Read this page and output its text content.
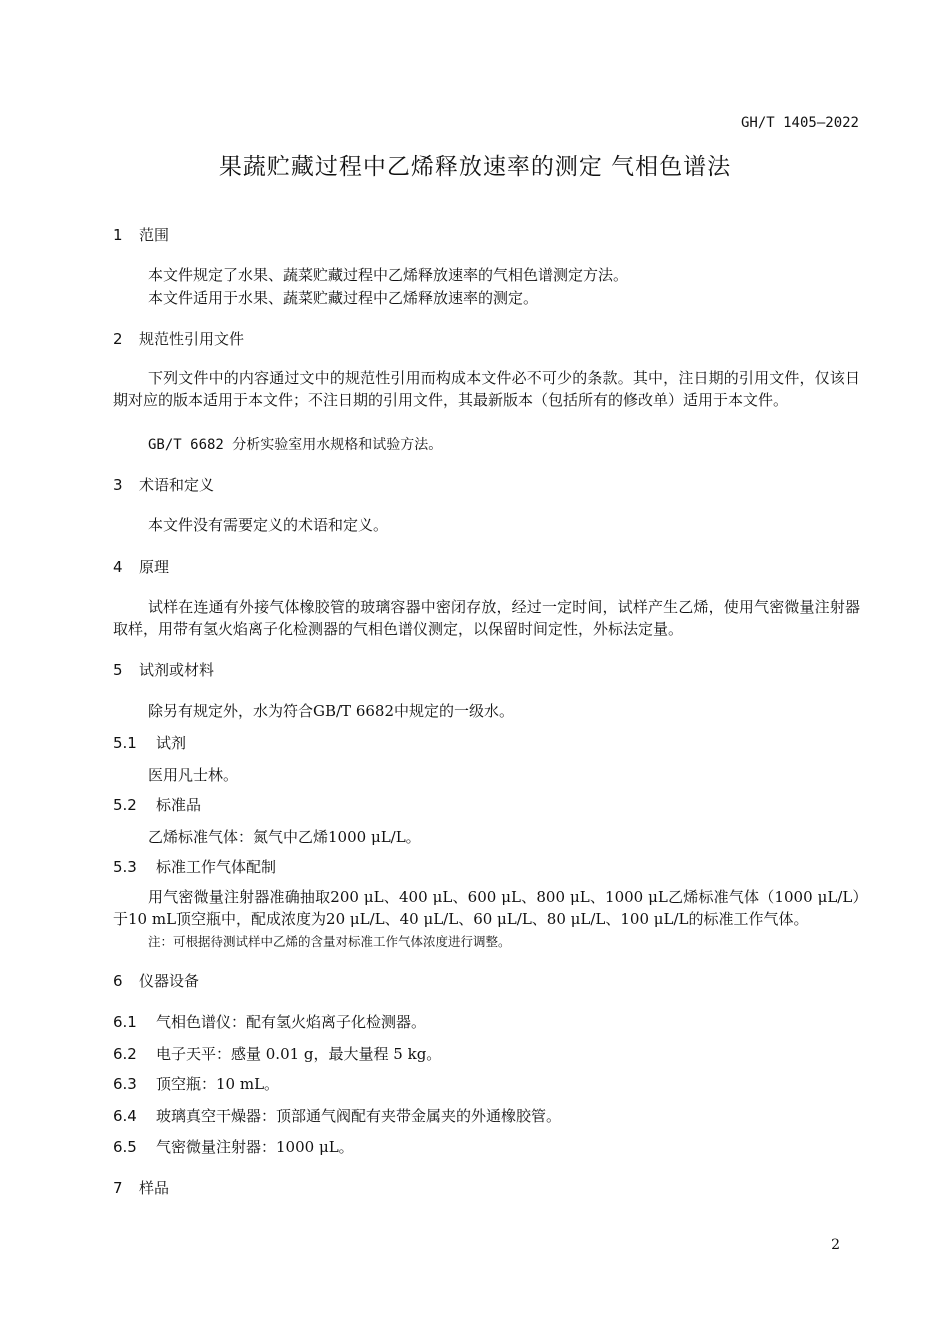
GH/T 1405—2022
果蔬贮藏过程中乙烯释放速率的测定 气相色谱法
1 范围
本文件规定了水果、蔬菜贮藏过程中乙烯释放速率的气相色谱测定方法。
本文件适用于水果、蔬菜贮藏过程中乙烯释放速率的测定。
2 规范性引用文件
下列文件中的内容通过文中的规范性引用而构成本文件必不可少的条款。其中，注日期的引用文件，仅该日期对应的版本适用于本文件；不注日期的引用文件，其最新版本（包括所有的修改单）适用于本文件。
GB/T 6682 分析实验室用水规格和试验方法。
3 术语和定义
本文件没有需要定义的术语和定义。
4 原理
试样在连通有外接气体橡胶管的玻璃容器中密闭存放，经过一定时间，试样产生乙烯，使用气密微量注射器取样，用带有氢火焰离子化检测器的气相色谱仪测定，以保留时间定性，外标法定量。
5 试剂或材料
除另有规定外，水为符合GB/T 6682中规定的一级水。
5.1 试剂
医用凡士林。
5.2 标准品
乙烯标准气体：氮气中乙烯1000 μL/L。
5.3 标准工作气体配制
用气密微量注射器准确抽取200 μL、400 μL、600 μL、800 μL、1000 μL乙烯标准气体（1000 μL/L）于10 mL顶空瓶中，配成浓度为20 μL/L、40 μL/L、60 μL/L、80 μL/L、100 μL/L的标准工作气体。
注：可根据待测试样中乙烯的含量对标准工作气体浓度进行调整。
6 仪器设备
6.1 气相色谱仪：配有氢火焰离子化检测器。
6.2 电子天平：感量 0.01 g，最大量程 5 kg。
6.3 顶空瓶：10 mL。
6.4 玻璃真空干燥器：顶部通气阀配有夹带金属夹的外通橡胶管。
6.5 气密微量注射器：1000 μL。
7 样品
2
